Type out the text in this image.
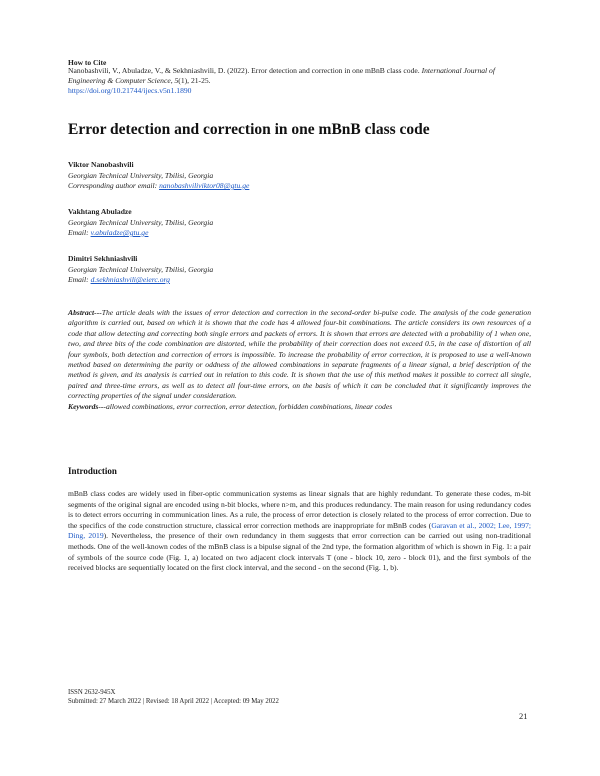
How to Cite
Nanobashvili, V., Abuladze, V., & Sekhniashvili, D. (2022). Error detection and correction in one mBnB class code. International Journal of Engineering & Computer Science, 5(1), 21-25.
https://doi.org/10.21744/ijecs.v5n1.1890
Error detection and correction in one mBnB class code
Viktor Nanobashvili
Georgian Technical University, Tbilisi, Georgia
Corresponding author email: nanobashviliviktor08@gtu.ge
Vakhtang Abuladze
Georgian Technical University, Tbilisi, Georgia
Email: v.abuladze@gtu.ge
Dimitri Sekhniashvili
Georgian Technical University, Tbilisi, Georgia
Email: d.sekhniashvili@eierc.org
Abstract---The article deals with the issues of error detection and correction in the second-order bi-pulse code. The analysis of the code generation algorithm is carried out, based on which it is shown that the code has 4 allowed four-bit combinations. The article considers its own resources of a code that allow detecting and correcting both single errors and packets of errors. It is shown that errors are detected with a probability of 1 when one, two, and three bits of the code combination are distorted, while the probability of their correction does not exceed 0.5, in the case of distortion of all four symbols, both detection and correction of errors is impossible. To increase the probability of error correction, it is proposed to use a well-known method based on determining the parity or oddness of the allowed combinations in separate fragments of a linear signal, a brief description of the method is given, and its analysis is carried out in relation to this code. It is shown that the use of this method makes it possible to correct all single, paired and three-time errors, as well as to detect all four-time errors, on the basis of which it can be concluded that it significantly improves the correcting properties of the signal under consideration.
Keywords---allowed combinations, error correction, error detection, forbidden combinations, linear codes
Introduction
mBnB class codes are widely used in fiber-optic communication systems as linear signals that are highly redundant. To generate these codes, m-bit segments of the original signal are encoded using n-bit blocks, where n>m, and this produces redundancy. The main reason for using redundancy codes is to detect errors occurring in communication lines. As a rule, the process of error detection is closely related to the process of error correction. Due to the specifics of the code construction structure, classical error correction methods are inappropriate for mBnB codes (Garavan et al., 2002; Lee, 1997; Ding, 2019). Nevertheless, the presence of their own redundancy in them suggests that error correction can be carried out using non-traditional methods. One of the well-known codes of the mBnB class is a bipulse signal of the 2nd type, the formation algorithm of which is shown in Fig. 1: a pair of symbols of the source code (Fig. 1, a) located on two adjacent clock intervals T (one - block 10, zero - block 01), and the first symbols of the received blocks are sequentially located on the first clock interval, and the second - on the second (Fig. 1, b).
ISSN 2632-945X
Submitted: 27 March 2022 | Revised: 18 April 2022 | Accepted: 09 May 2022
21
